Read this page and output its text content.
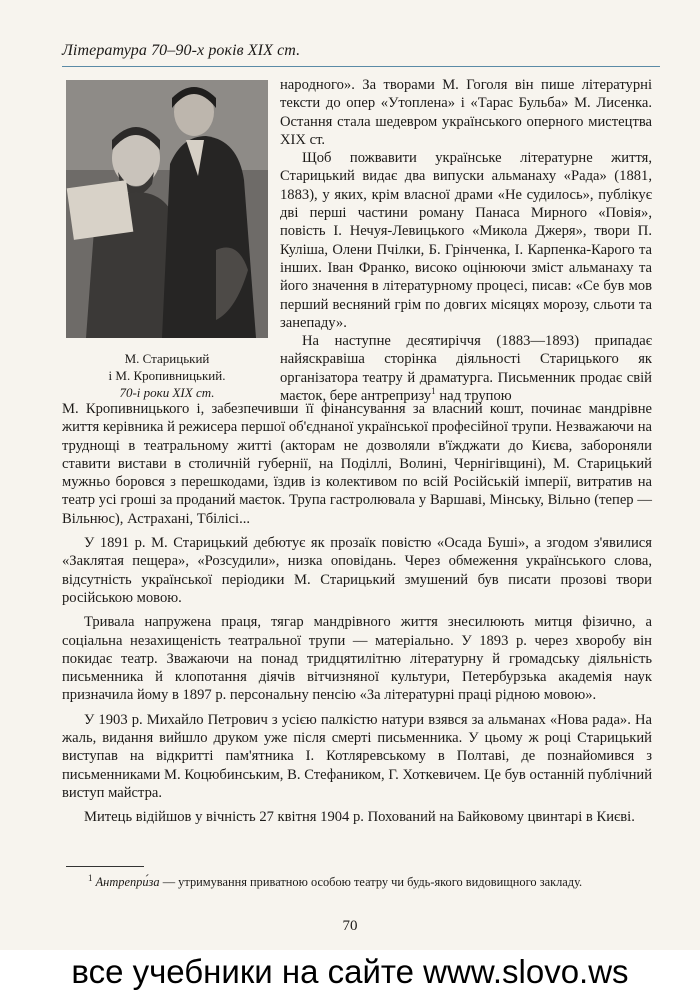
Література 70–90-х років XIX ст.
М. Старицький
і М. Кропивницький.
70-і роки XIX ст.

народного». За творами М. Гоголя він пише літературні тексти до опер «Утоплена» і «Тарас Бульба» М. Лисенка. Остання стала шедевром українського оперного мистецтва XIX ст.

Щоб пожвавити українське літературне життя, Старицький видає два випуски альманаху «Рада» (1881, 1883), у яких, крім власної драми «Не судилось», публікує дві перші частини роману Панаса Мирного «Повія», повість І. Нечуя-Левицького «Микола Джеря», твори П. Куліша, Олени Пчілки, Б. Грінченка, І. Карпенка-Карого та інших. Іван Франко, високо оцінюючи зміст альманаху та його значення в літературному процесі, писав: «Се був мов перший весняний грім по довгих місяцях морозу, сльоти та занепаду».

На наступне десятиріччя (1883—1893) припадає найяскравіша сторінка діяльності Старицького як організатора театру й драматурга. Письменник продає свій маєток, бере антрепризу$^1$ над трупою

М. Кропивницького і, забезпечивши її фінансування за власний кошт, починає мандрівне життя керівника й режисера першої об'єднаної української професійної трупи. Незважаючи на труднощі в театральному житті (акторам не дозволяли в'їжджати до Києва, забороняли ставити вистави в столичній губернії, на Поділлі, Волині, Чернігівщині), М. Старицький мужньо боровся з перешкодами, їздив із колективом по всій Російській імперії, витратив на театр усі гроші за проданий маєток. Трупа гастролювала у Варшаві, Мінську, Вільно (тепер — Вільнюс), Астрахані, Тбілісі...

У 1891 р. М. Старицький дебютує як прозаїк повістю «Осада Буші», а згодом з'явилися «Заклятая пещера», «Розсудили», низка оповідань. Через обмеження українського слова, відсутність української періодики М. Старицький змушений був писати прозові твори російською мовою.

Тривала напружена праця, тягар мандрівного життя знесилюють митця фізично, а соціальна незахищеність театральної трупи — матеріально. У 1893 р. через хворобу він покидає театр. Зважаючи на понад тридцятилітню літературну й громадську діяльність письменника й клопотання діячів вітчизняної культури, Петербурзька академія наук призначила йому в 1897 р. персональну пенсію «За літературні праці рідною мовою».

У 1903 р. Михайло Петрович з усією палкістю натури взявся за альманах «Нова рада». На жаль, видання вийшло друком уже після смерті письменника. У цьому ж році Старицький виступав на відкритті пам'ятника І. Котляревському в Полтаві, де познайомився з письменниками М. Коцюбинським, В. Стефаником, Г. Хоткевичем. Це був останній публічний виступ майстра.

Митець відійшов у вічність 27 квітня 1904 р. Похований на Байковому цвинтарі в Києві.

$^1$ Антрепри́за — утримування приватною особою театру чи будь-якого видовищного закладу.
70
все учебники на сайте www.slovo.ws
